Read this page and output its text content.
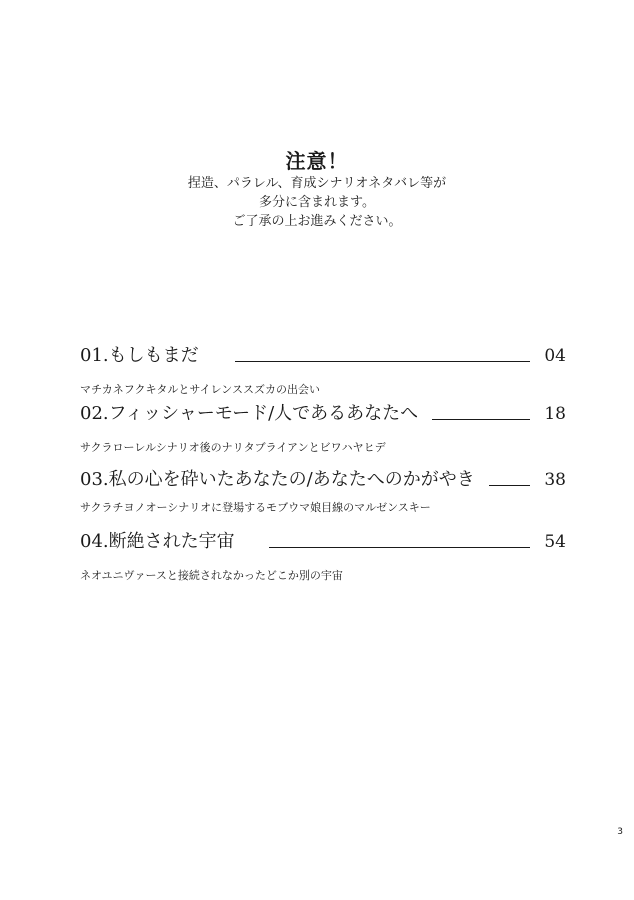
注意！
捏造、パラレル、育成シナリオネタバレ等が
多分に含まれます。
ご了承の上お進みください。
01.もしもまだ	04
マチカネフクキタルとサイレンススズカの出会い
02.フィッシャーモード/人であるあなたへ	18
サクラローレルシナリオ後のナリタブライアンとビワハヤヒデ
03.私の心を砕いたあなたの/あなたへのかがやき	38
サクラチヨノオーシナリオに登場するモブウマ娘目線のマルゼンスキー
04.断絶された宇宙	54
ネオユニヴァースと接続されなかったどこか別の宇宙
3
